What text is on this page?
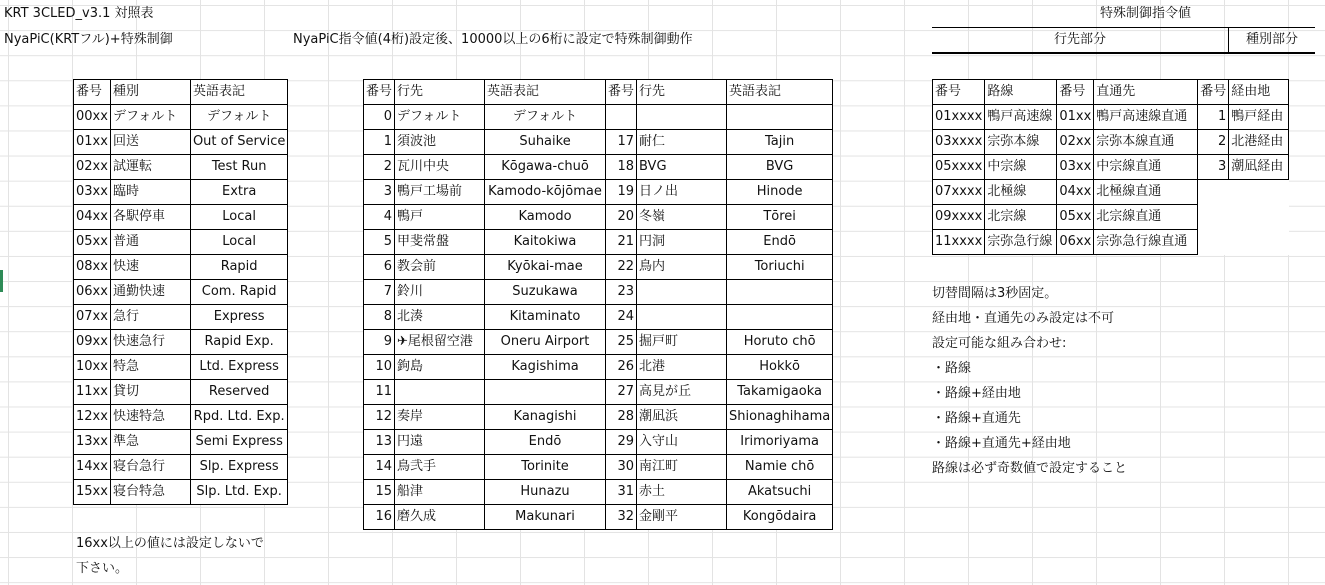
KRT 3CLED_v3.1 対照表
NyaPiC(KRTフル)+特殊制御	NyaPiC指令値(4桁)設定後、10000以上の6桁に設定で特殊制御動作
特殊制御指令値
行先部分	種別部分
番号	種別	英語表記
00xx	デフォルト	デフォルト
01xx	回送	Out of Service
02xx	試運転	Test Run
03xx	臨時	Extra
04xx	各駅停車	Local
05xx	普通	Local
08xx	快速	Rapid
06xx	通勤快速	Com. Rapid
07xx	急行	Express
09xx	快速急行	Rapid Exp.
10xx	特急	Ltd. Express
11xx	貸切	Reserved
12xx	快速特急	Rpd. Ltd. Exp.
13xx	準急	Semi Express
14xx	寝台急行	Slp. Express
15xx	寝台特急	Slp. Ltd. Exp.
16xx以上の値には設定しないで
下さい。
番号	行先	英語表記	番号	行先	英語表記
0	デフォルト	デフォルト			
1	須波池	Suhaike	17	耐仁	Tajin
2	瓦川中央	Kōgawa-chuō	18	BVG	BVG
3	鴨戸工場前	Kamodo-kōjōmae	19	日ノ出	Hinode
4	鴨戸	Kamodo	20	冬嶺	Tōrei
5	甲斐常盤	Kaitokiwa	21	円洞	Endō
6	教会前	Kyōkai-mae	22	鳥内	Toriuchi
7	鈴川	Suzukawa	23		
8	北湊	Kitaminato	24		
9	✈尾根留空港	Oneru Airport	25	掘戸町	Horuto chō
10	鉤島	Kagishima	26	北港	Hokkō
11			27	高見が丘	Takamigaoka
12	奏岸	Kanagishi	28	潮凪浜	Shionaghihama
13	円遠	Endō	29	入守山	Irimoriyama
14	鳥弐手	Torinite	30	南江町	Namie chō
15	船津	Hunazu	31	赤土	Akatsuchi
16	磨久成	Makunari	32	金剛平	Kongōdaira
番号	路線	番号	直通先	番号	経由地
01xxxx	鴨戸高速線	01xx	鴨戸高速線直通	1	鴨戸経由
03xxxx	宗弥本線	02xx	宗弥本線直通	2	北港経由
05xxxx	中宗線	03xx	中宗線直通	3	潮凪経由
07xxxx	北極線	04xx	北極線直通		
09xxxx	北宗線	05xx	北宗線直通		
11xxxx	宗弥急行線	06xx	宗弥急行線直通		
切替間隔は3秒固定。
経由地・直通先のみ設定は不可
設定可能な組み合わせ:
・路線
・路線+経由地
・路線+直通先
・路線+直通先+経由地
路線は必ず奇数値で設定すること
